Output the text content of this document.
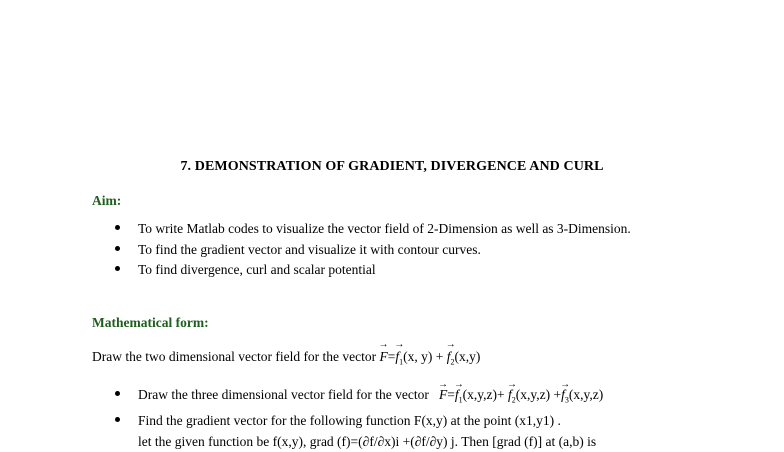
7. DEMONSTRATION OF GRADIENT, DIVERGENCE AND CURL
Aim:
To write Matlab codes to visualize the vector field of 2-Dimension as well as 3-Dimension.
To find the gradient vector and visualize it with contour curves.
To find divergence, curl and scalar potential
Mathematical form:
Draw the two dimensional vector field for the vector → $F=\to f_1(x$, y) + → $f_2(x,y)$
Draw the three dimensional vector field for the vector → $F=\to f_1(x,y,z)+ \to f_2(x,y,z) +\to f_3(x,y,z)$
Find the gradient vector for the following function F(x,y) at the point (x1,y1) .
let the given function be f(x,y), grad (f)=(∂f/∂x)i +(∂f/∂y) j. Then [grad (f)] at (a,b) is
